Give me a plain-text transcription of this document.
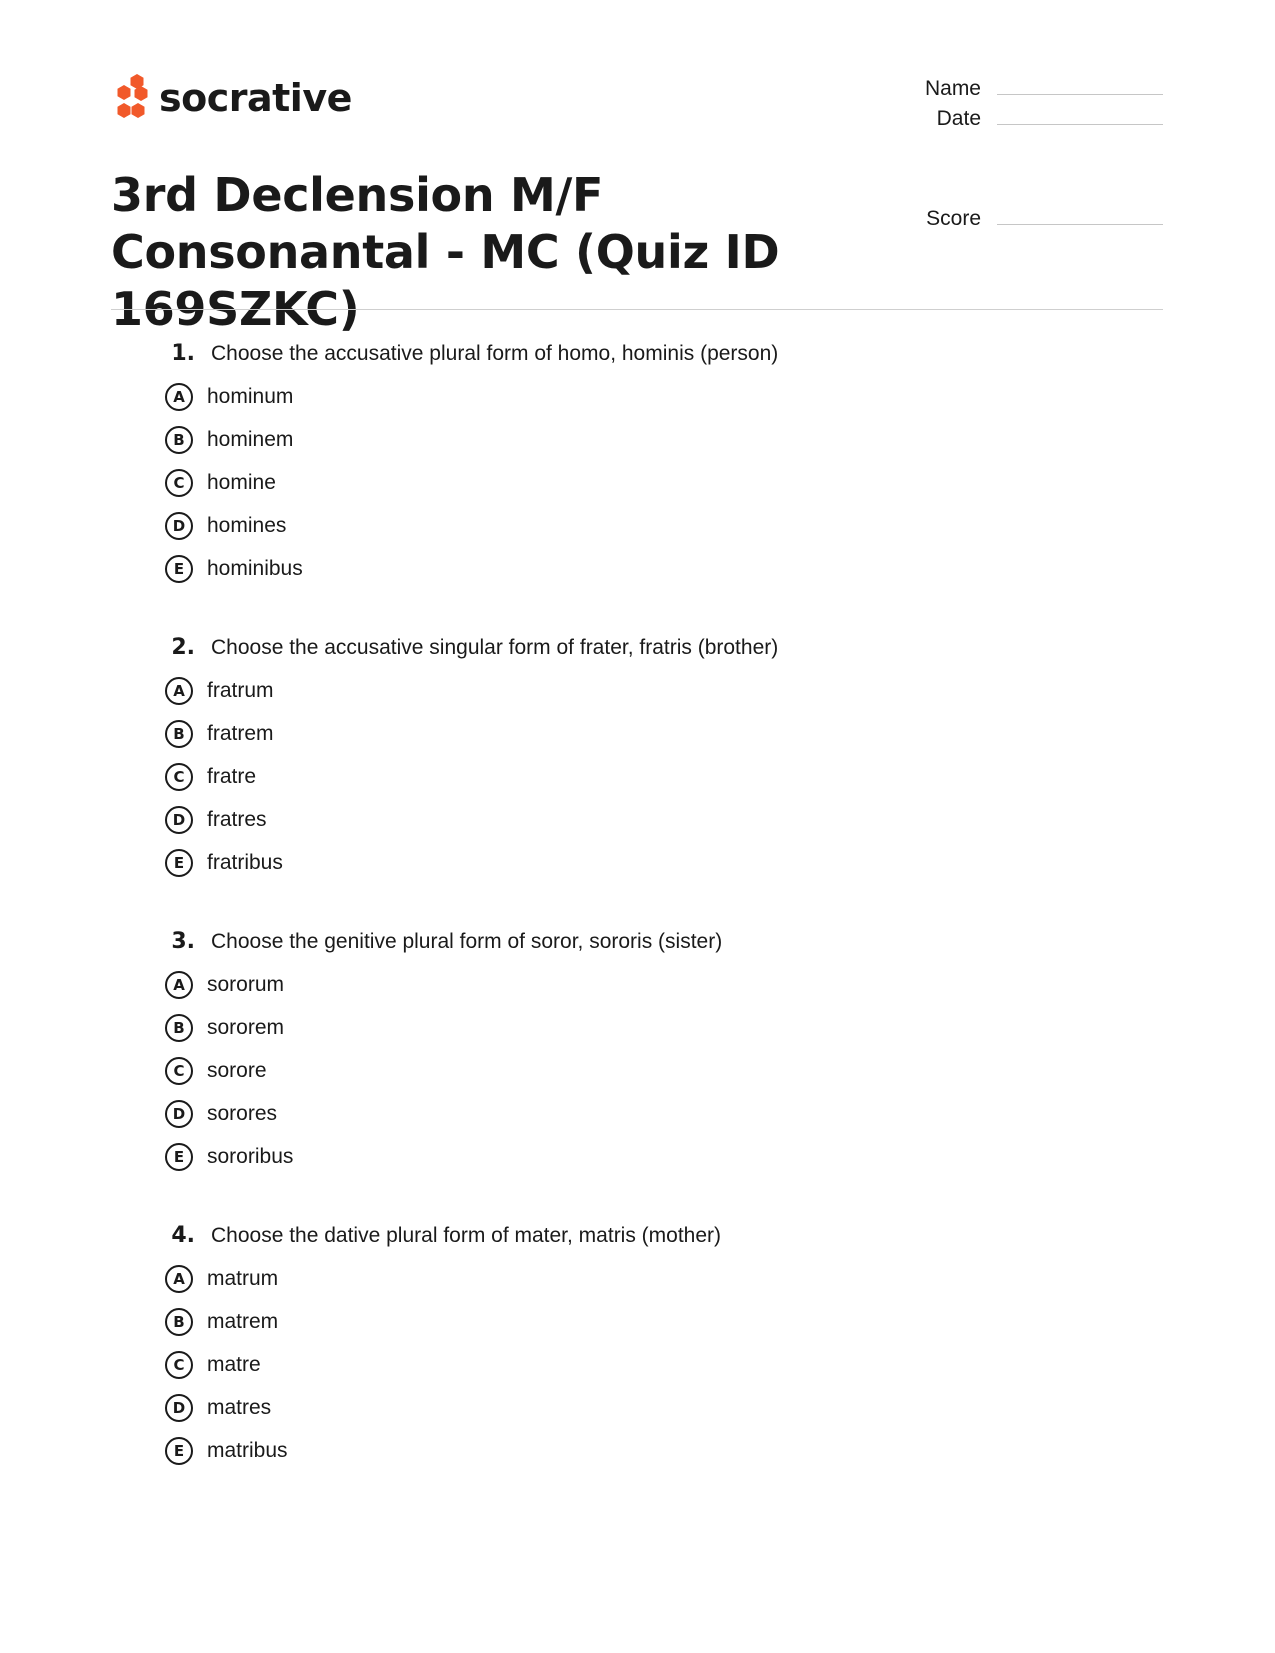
socrative	Name
Date
Score
3rd Declension M/F Consonantal - MC (Quiz ID 169SZKC)
1. Choose the accusative plural form of homo, hominis (person)
A	hominum
B	hominem
C	homine
D	homines
E	hominibus
2. Choose the accusative singular form of frater, fratris (brother)
A	fratrum
B	fratrem
C	fratre
D	fratres
E	fratribus
3. Choose the genitive plural form of soror, sororis (sister)
A	sororum
B	sororem
C	sorore
D	sorores
E	sororibus
4. Choose the dative plural form of mater, matris (mother)
A	matrum
B	matrem
C	matre
D	matres
E	matribus
